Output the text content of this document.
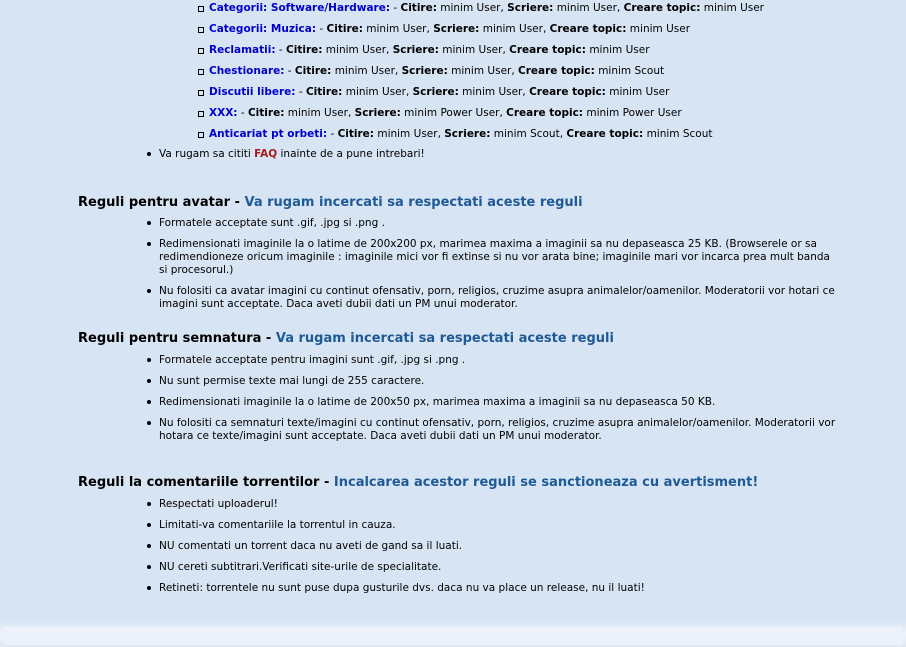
Categorii: Software/Hardware: - Citire: minim User, Scriere: minim User, Creare topic: minim User
Categorii: Muzica: - Citire: minim User, Scriere: minim User, Creare topic: minim User
Reclamatii: - Citire: minim User, Scriere: minim User, Creare topic: minim User
Chestionare: - Citire: minim User, Scriere: minim User, Creare topic: minim Scout
Discutii libere: - Citire: minim User, Scriere: minim User, Creare topic: minim User
XXX: - Citire: minim User, Scriere: minim Power User, Creare topic: minim Power User
Anticariat pt orbeti: - Citire: minim User, Scriere: minim Scout, Creare topic: minim Scout
Va rugam sa cititi FAQ inainte de a pune intrebari!
Reguli pentru avatar - Va rugam incercati sa respectati aceste reguli
Formatele acceptate sunt .gif, .jpg si .png .
Redimensionati imaginile la o latime de 200x200 px, marimea maxima a imaginii sa nu depaseasca 25 KB. (Browserele or sa redimendioneze oricum imaginile : imaginile mici vor fi extinse si nu vor arata bine; imaginile mari vor incarca prea mult banda si procesorul.)
Nu folositi ca avatar imagini cu continut ofensativ, porn, religios, cruzime asupra animalelor/oamenilor. Moderatorii vor hotari ce imagini sunt acceptate. Daca aveti dubii dati un PM unui moderator.
Reguli pentru semnatura - Va rugam incercati sa respectati aceste reguli
Formatele acceptate pentru imagini sunt .gif, .jpg si .png .
Nu sunt permise texte mai lungi de 255 caractere.
Redimensionati imaginile la o latime de 200x50 px, marimea maxima a imaginii sa nu depaseasca 50 KB.
Nu folositi ca semnaturi texte/imagini cu continut ofensativ, porn, religios, cruzime asupra animalelor/oamenilor. Moderatorii vor hotara ce texte/imagini sunt acceptate. Daca aveti dubii dati un PM unui moderator.
Reguli la comentariile torrentilor - Incalcarea acestor reguli se sanctioneaza cu avertisment!
Respectati uploaderul!
Limitati-va comentariile la torrentul in cauza.
NU comentati un torrent daca nu aveti de gand sa il luati.
NU cereti subtitrari.Verificati site-urile de specialitate.
Retineti: torrentele nu sunt puse dupa gusturile dvs. daca nu va place un release, nu il luati!
